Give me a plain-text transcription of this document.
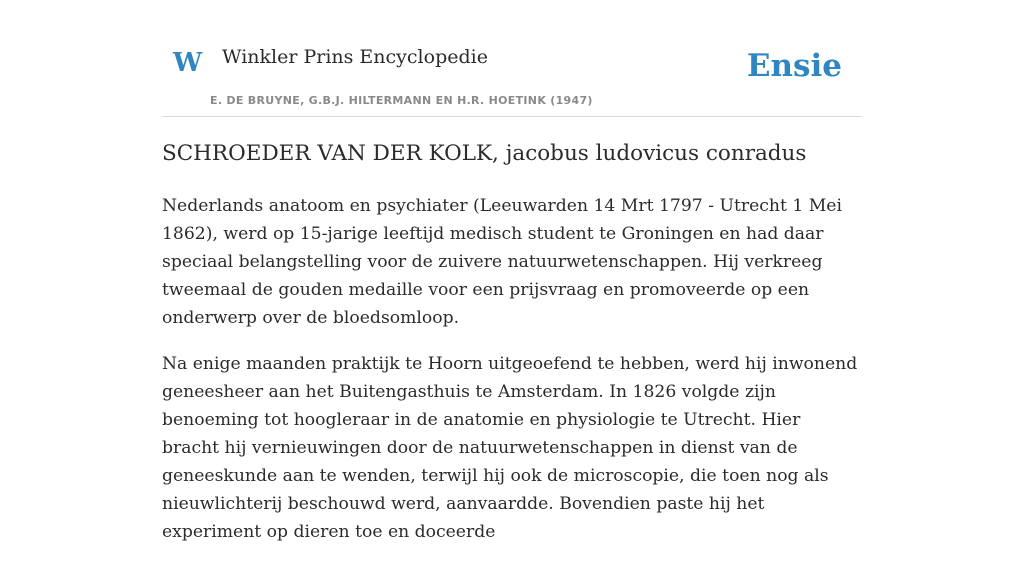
W Winkler Prins Encyclopedie
E. DE BRUYNE, G.B.J. HILTERMANN EN H.R. HOETINK (1947)
Ensie
SCHROEDER VAN DER KOLK, jacobus ludovicus conradus

Nederlands anatoom en psychiater (Leeuwarden 14 Mrt 1797 - Utrecht 1 Mei 1862), werd op 15-jarige leeftijd medisch student te Groningen en had daar speciaal belangstelling voor de zuivere natuurwetenschappen. Hij verkreeg tweemaal de gouden medaille voor een prijsvraag en promoveerde op een onderwerp over de bloedsomloop.

Na enige maanden praktijk te Hoorn uitgeoefend te hebben, werd hij inwonend geneesheer aan het Buitengasthuis te Amsterdam. In 1826 volgde zijn benoeming tot hoogleraar in de anatomie en physiologie te Utrecht. Hier bracht hij vernieuwingen door de natuurwetenschappen in dienst van de geneeskunde aan te wenden, terwijl hij ook de microscopie, die toen nog als nieuwlichterij beschouwd werd, aanvaardde. Bovendien paste hij het experiment op dieren toe en doceerde
